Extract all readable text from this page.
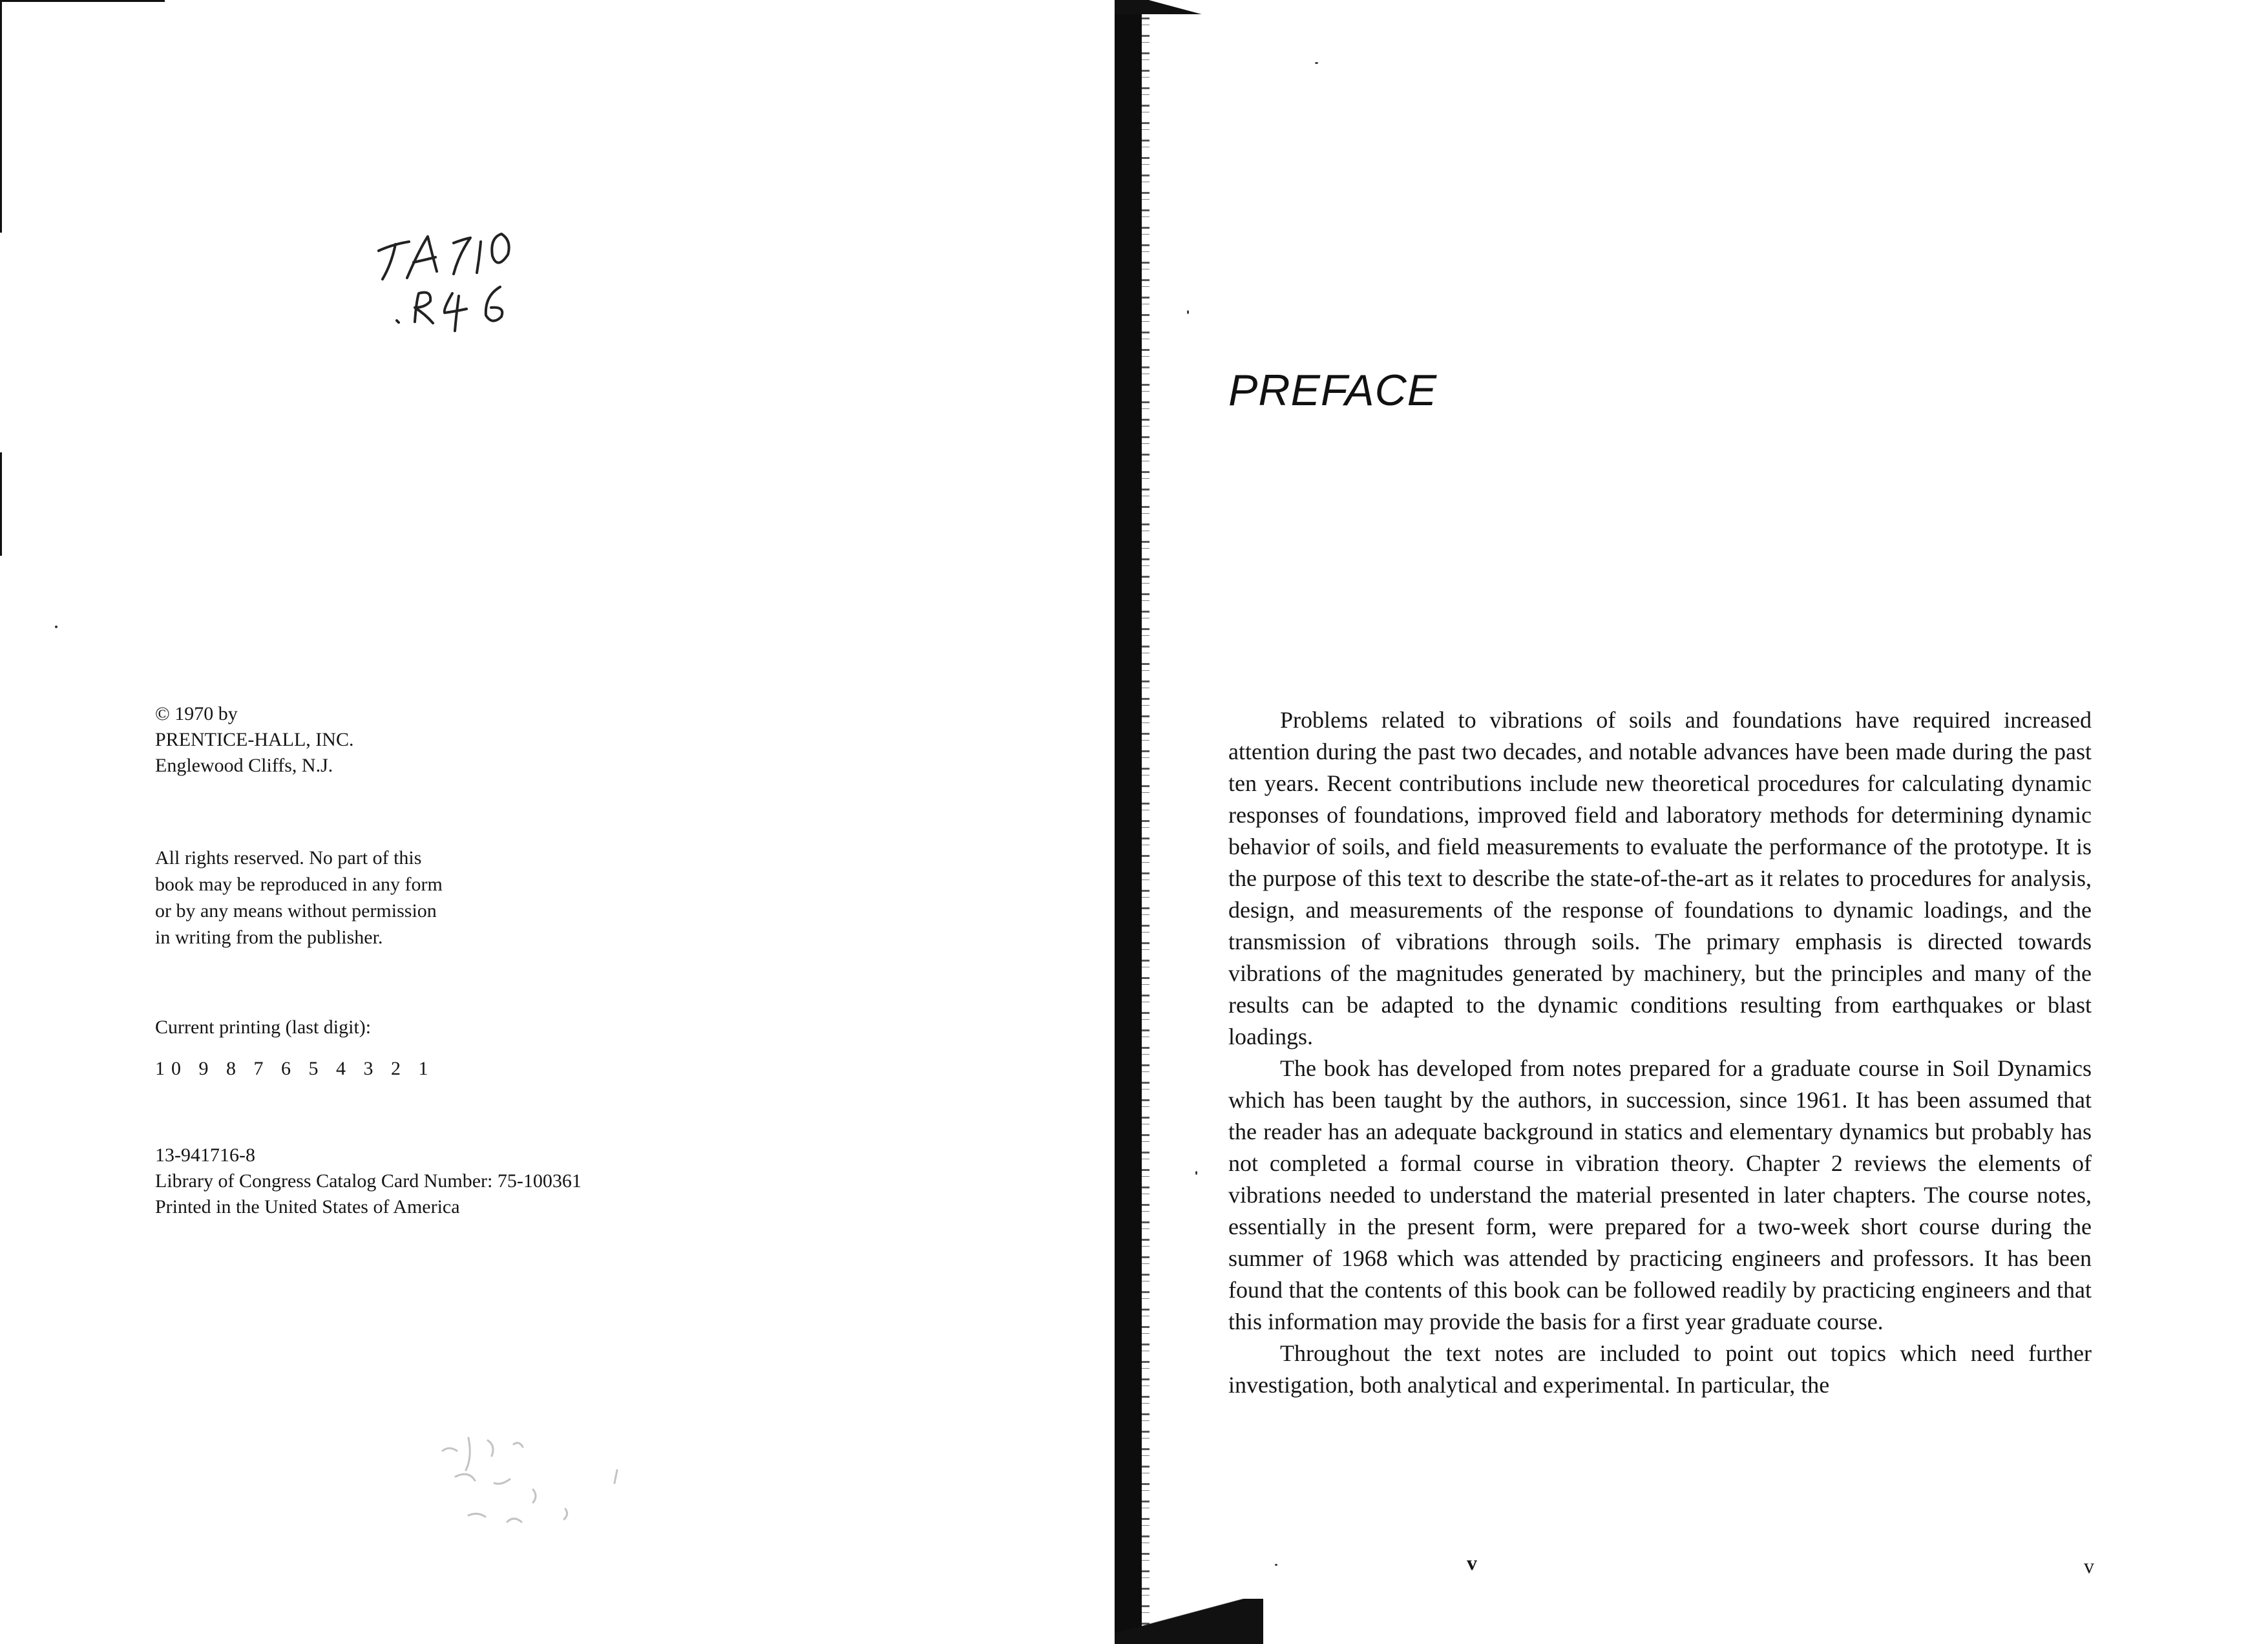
© 1970 by
PRENTICE-HALL, INC.
Englewood Cliffs, N.J.
All rights reserved. No part of this
book may be reproduced in any form
or by any means without permission
in writing from the publisher.
Current printing (last digit):
10 9 8 7 6 5 4 3 2 1
13-941716-8
Library of Congress Catalog Card Number: 75-100361
Printed in the United States of America
PREFACE

Problems related to vibrations of soils and foundations have required increased attention during the past two decades, and notable advances have been made during the past ten years. Recent contributions include new theoretical procedures for calculating dynamic responses of foundations, improved field and laboratory methods for determining dynamic behavior of soils, and field measurements to evaluate the performance of the prototype. It is the purpose of this text to describe the state-of-the-art as it relates to procedures for analysis, design, and measurements of the response of foundations to dynamic loadings, and the transmission of vibrations through soils. The primary emphasis is directed towards vibrations of the magnitudes generated by machinery, but the principles and many of the results can be adapted to the dynamic conditions resulting from earthquakes or blast loadings.

The book has developed from notes prepared for a graduate course in Soil Dynamics which has been taught by the authors, in succession, since 1961. It has been assumed that the reader has an adequate background in statics and elementary dynamics but probably has not completed a formal course in vibration theory. Chapter 2 reviews the elements of vibrations needed to understand the material presented in later chapters. The course notes, essentially in the present form, were prepared for a two-week short course during the summer of 1968 which was attended by practicing engineers and professors. It has been found that the contents of this book can be followed readily by practicing engineers and that this information may provide the basis for a first year graduate course.

Throughout the text notes are included to point out topics which need further investigation, both analytical and experimental. In particular, the

v	v
